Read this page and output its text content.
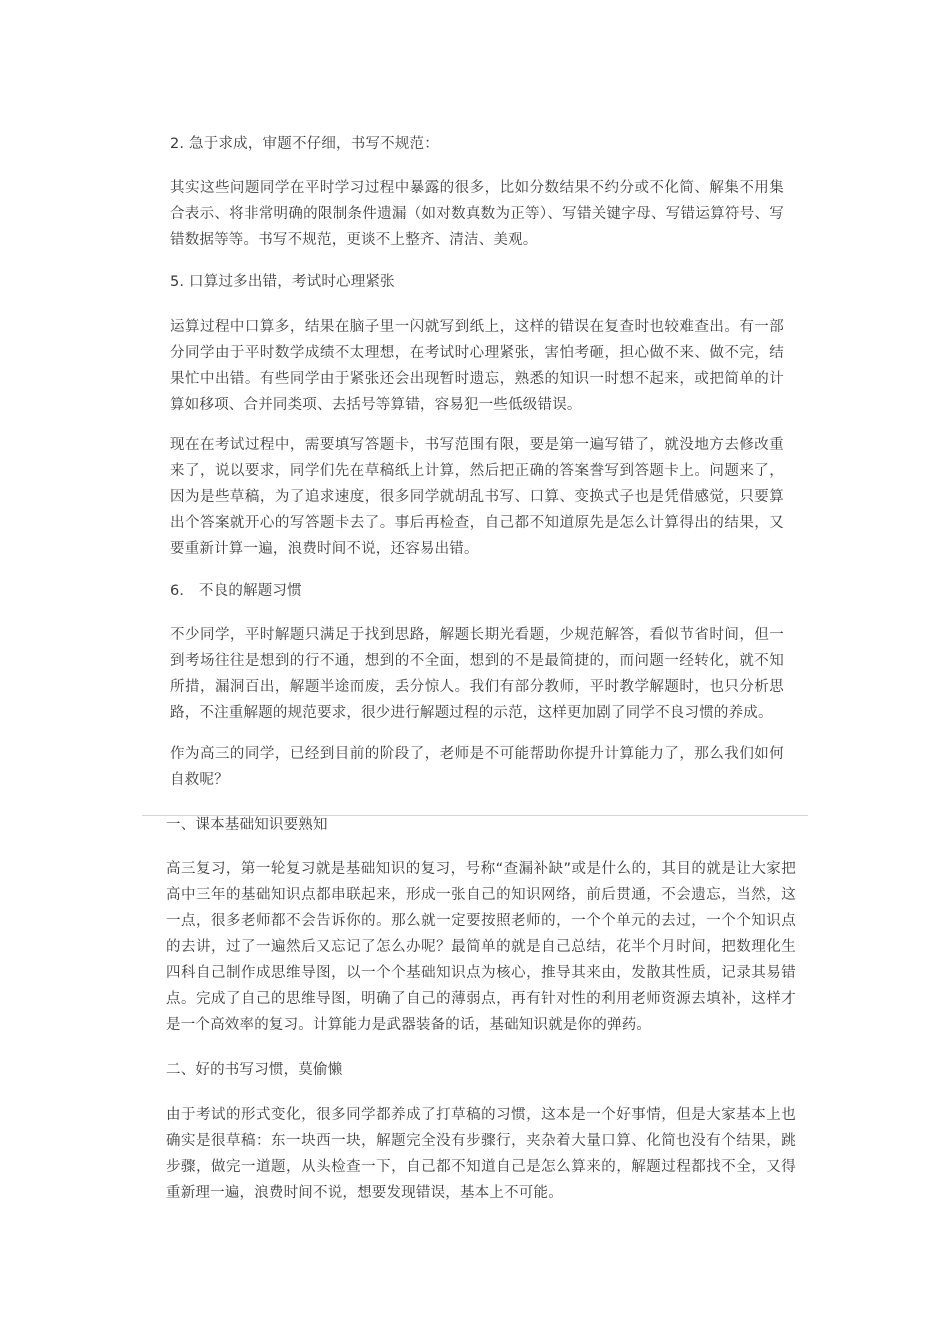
2. 急于求成，审题不仔细，书写不规范：

其实这些问题同学在平时学习过程中暴露的很多，比如分数结果不约分或不化简、解集不用集合表示、将非常明确的限制条件遗漏（如对数真数为正等）、写错关键字母、写错运算符号、写错数据等等。书写不规范，更谈不上整齐、清洁、美观。

5. 口算过多出错，考试时心理紧张

运算过程中口算多，结果在脑子里一闪就写到纸上，这样的错误在复查时也较难查出。有一部分同学由于平时数学成绩不太理想，在考试时心理紧张，害怕考砸，担心做不来、做不完，结果忙中出错。有些同学由于紧张还会出现暂时遗忘，熟悉的知识一时想不起来，或把简单的计算如移项、合并同类项、去括号等算错，容易犯一些低级错误。

现在在考试过程中，需要填写答题卡，书写范围有限，要是第一遍写错了，就没地方去修改重来了，说以要求，同学们先在草稿纸上计算，然后把正确的答案誊写到答题卡上。问题来了，因为是些草稿，为了追求速度，很多同学就胡乱书写、口算、变换式子也是凭借感觉，只要算出个答案就开心的写答题卡去了。事后再检查，自己都不知道原先是怎么计算得出的结果，又要重新计算一遍，浪费时间不说，还容易出错。

6． 不良的解题习惯

不少同学，平时解题只满足于找到思路，解题长期光看题，少规范解答，看似节省时间，但一到考场往往是想到的行不通，想到的不全面，想到的不是最简捷的，而问题一经转化，就不知所措，漏洞百出，解题半途而废，丢分惊人。我们有部分教师，平时教学解题时，也只分析思路，不注重解题的规范要求，很少进行解题过程的示范，这样更加剧了同学不良习惯的养成。

作为高三的同学，已经到目前的阶段了，老师是不可能帮助你提升计算能力了，那么我们如何自救呢？

一、课本基础知识要熟知

高三复习，第一轮复习就是基础知识的复习，号称“查漏补缺”或是什么的，其目的就是让大家把高中三年的基础知识点都串联起来，形成一张自己的知识网络，前后贯通，不会遗忘，当然，这一点，很多老师都不会告诉你的。那么就一定要按照老师的，一个个单元的去过，一个个知识点的去讲，过了一遍然后又忘记了怎么办呢？最简单的就是自己总结，花半个月时间，把数理化生四科自己制作成思维导图，以一个个基础知识点为核心，推导其来由，发散其性质，记录其易错点。完成了自己的思维导图，明确了自己的薄弱点，再有针对性的利用老师资源去填补，这样才是一个高效率的复习。计算能力是武器装备的话，基础知识就是你的弹药。

二、好的书写习惯，莫偷懒

由于考试的形式变化，很多同学都养成了打草稿的习惯，这本是一个好事情，但是大家基本上也确实是很草稿：东一块西一块，解题完全没有步骤行，夹杂着大量口算、化简也没有个结果，跳步骤，做完一道题，从头检查一下，自己都不知道自己是怎么算来的，解题过程都找不全，又得重新理一遍，浪费时间不说，想要发现错误，基本上不可能。
